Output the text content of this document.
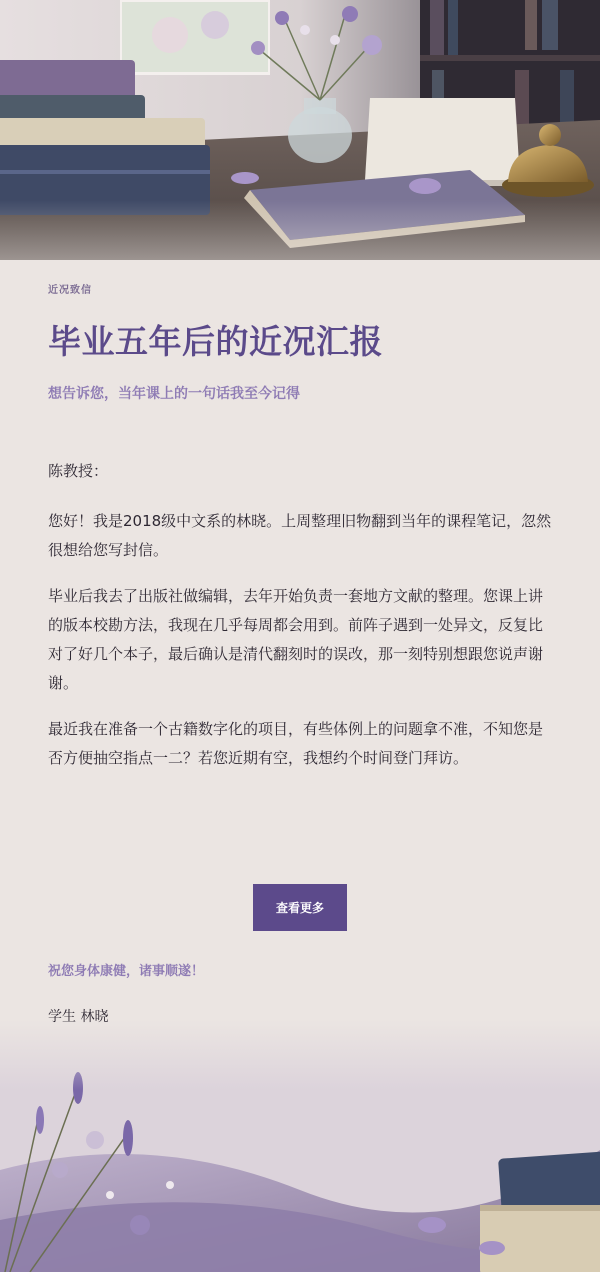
近况致信
毕业五年后的近况汇报
想告诉您，当年课上的一句话我至今记得

陈教授：

您好！我是2018级中文系的林晓。上周整理旧物翻到当年的课程笔记，忽然很想给您写封信。

毕业后我去了出版社做编辑，去年开始负责一套地方文献的整理。您课上讲的版本校勘方法，我现在几乎每周都会用到。前阵子遇到一处异文，反复比对了好几个本子，最后确认是清代翻刻时的误改，那一刻特别想跟您说声谢谢。

最近我在准备一个古籍数字化的项目，有些体例上的问题拿不准，不知您是否方便抽空指点一二？若您近期有空，我想约个时间登门拜访。

查看更多
祝您身体康健，诸事顺遂！
学生 林晓
